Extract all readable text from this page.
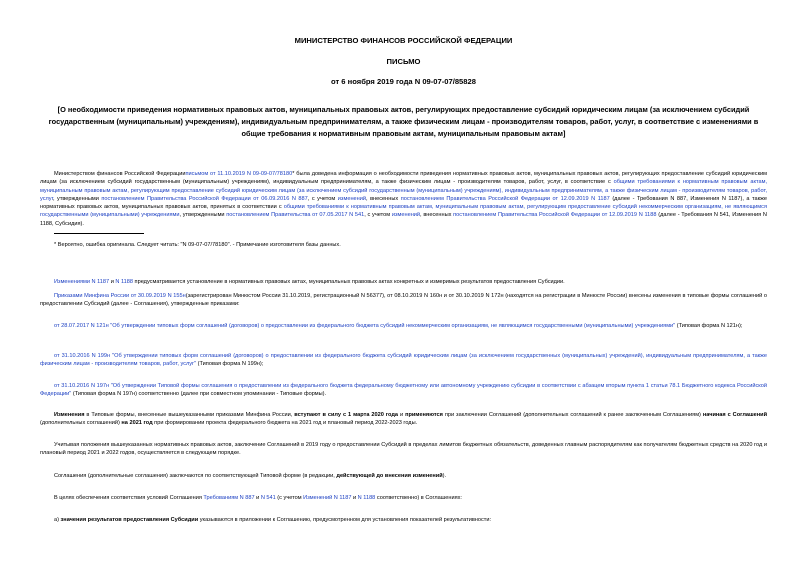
МИНИСТЕРСТВО ФИНАНСОВ РОССИЙСКОЙ ФЕДЕРАЦИИ
ПИСЬМО
от 6 ноября 2019 года N 09-07-07/85828
[О необходимости приведения нормативных правовых актов, муниципальных правовых актов, регулирующих предоставление субсидий юридическим лицам (за исключением субсидий государственным (муниципальным) учреждениям), индивидуальным предпринимателям, а также физическим лицам - производителям товаров, работ, услуг, в соответствие с изменениями в общие требования к нормативным правовым актам, муниципальным правовым актам]

Министерством финансов Российской Федерацииписьмом от 11.10.2019 N 09-09-07/78180* была доведена информация о необходимости приведения нормативных правовых актов, муниципальных правовых актов, регулирующих предоставление субсидий юридическим лицам (за исключением субсидий государственным (муниципальным) учреждениям), индивидуальным предпринимателям, а также физическим лицам - производителям товаров, работ, услуг, в соответствие с общими требованиями к нормативным правовым актам, муниципальным правовым актам, регулирующим предоставление субсидий юридическим лицам (за исключением субсидий государственным (муниципальным) учреждениям), индивидуальным предпринимателям, а также физическим лицам - производителям товаров, работ, услуг, утвержденными постановлением Правительства Российской Федерации от 06.09.2016 N 887, с учетом изменений, внесенных постановлением Правительства Российской Федерации от 12.09.2019 N 1187 (далее - Требования N 887, Изменения N 1187), а также нормативных правовых актов, муниципальных правовых актов, принятых в соответствии с общими требованиями к нормативным правовым актам, муниципальным правовым актам, регулирующим предоставление субсидий некоммерческим организациям, не являющимся государственными (муниципальными) учреждениями, утвержденными постановлением Правительства от 07.05.2017 N 541, с учетом изменений, внесенных постановлением Правительства Российской Федерации от 12.09.2019 N 1188 (далее - Требования N 541, Изменения N 1188, Субсидия).

* Вероятно, ошибка оригинала. Следует читать: "N 09-07-07/78180". - Примечание изготовителя базы данных.

Изменениями N 1187 и N 1188 предусматривается установление в нормативных правовых актах, муниципальных правовых актах конкретных и измеримых результатов предоставления Субсидии.

Приказами Минфина России от 30.09.2019 N 155н(зарегистрирован Минюстом России 31.10.2019, регистрационный N 56377), от 08.10.2019 N 160н и от 30.10.2019 N 172н (находятся на регистрации в Минюсте России) внесены изменения в типовые формы соглашений о предоставлении Субсидий (далее - Соглашения), утвержденные приказами:

от 28.07.2017 N 121н "Об утверждении типовых форм соглашений (договоров) о предоставлении из федерального бюджета субсидий некоммерческим организациям, не являющимся государственными (муниципальными) учреждениями" (Типовая форма N 121н);

от 31.10.2016 N 199н "Об утверждении типовых форм соглашений (договоров) о предоставлении из федерального бюджета субсидий юридическим лицам (за исключением государственных (муниципальных) учреждений), индивидуальным предпринимателям, а также физическим лицам - производителям товаров, работ, услуг" (Типовая форма N 199н);

от 31.10.2016 N 197н "Об утверждении Типовой формы соглашения о предоставлении из федерального бюджета федеральному бюджетному или автономному учреждению субсидии в соответствии с абзацем вторым пункта 1 статьи 78.1 Бюджетного кодекса Российской Федерации" (Типовая форма N 197н) соответственно (далее при совместном упоминании - Типовые формы).

Изменения в Типовые формы, внесенные вышеуказанными приказами Минфина России, вступают в силу с 1 марта 2020 года и применяются при заключении Соглашений (дополнительных соглашений к ранее заключенным Соглашениям) начиная с Соглашений (дополнительных соглашений) на 2021 год при формировании проекта федерального бюджета на 2021 год и плановый период 2022-2023 годы.

Учитывая положения вышеуказанных нормативных правовых актов, заключение Соглашений в 2019 году о предоставлении Субсидий в пределах лимитов бюджетных обязательств, доведенных главным распорядителям как получателям бюджетных средств на 2020 год и плановый период 2021 и 2022 годов, осуществляется в следующем порядке.

Соглашения (дополнительные соглашения) заключаются по соответствующей Типовой форме (в редакции, действующей до внесения изменений).

В целях обеспечения соответствия условий Соглашения Требованиям N 887 и N 541 (с учетом Изменений N 1187 и N 1188 соответственно) в Соглашениях:

а) значения результатов предоставления Субсидии указываются в приложении к Соглашению, предусмотренном для установления показателей результативности:
